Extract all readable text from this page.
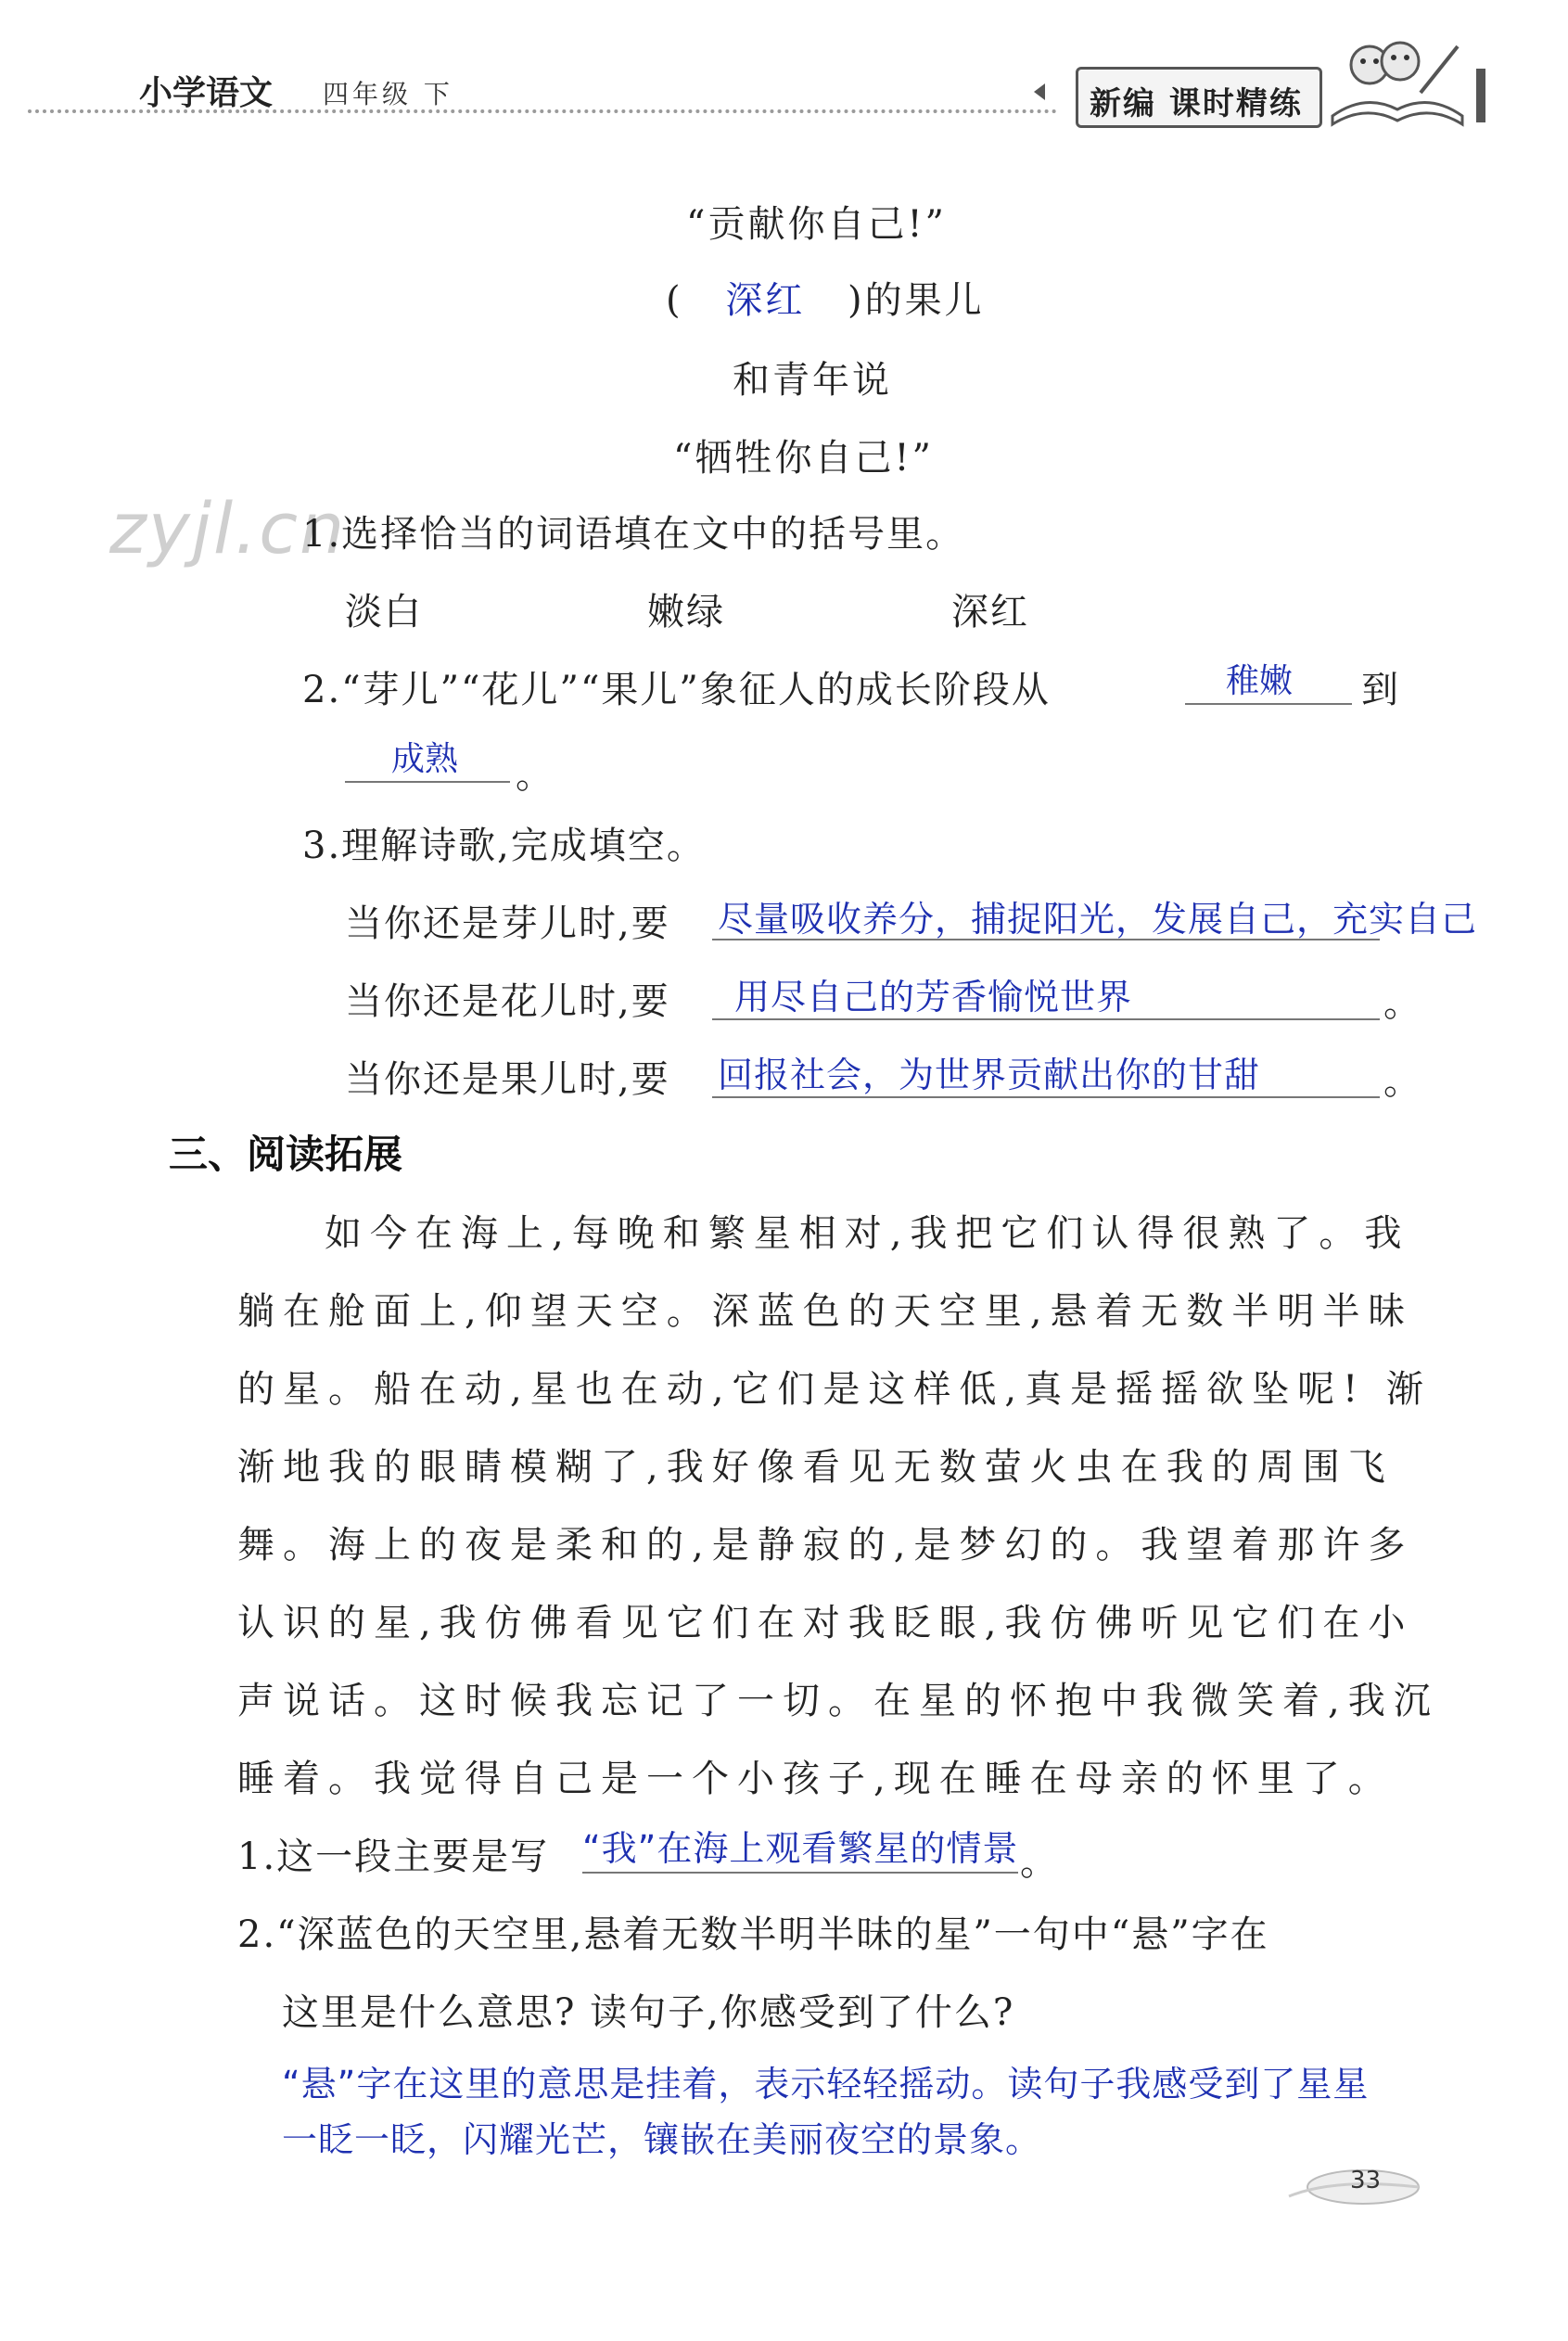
小学语文 四年级 下	新编 课时精练
zyjl.cn
“贡献你自己!”
( 深红 )的果儿
和青年说
“牺牲你自己!”
1.选择恰当的词语填在文中的括号里。
淡白	嫩绿	深红
2.“芽儿”“花儿”“果儿”象征人的成长阶段从	稚嫩 到
成熟 。
3.理解诗歌,完成填空。
当你还是芽儿时,要 尽量吸收养分，捕捉阳光，发展自己，充实自己
当你还是花儿时,要 用尽自己的芳香愉悦世界	。
当你还是果儿时,要 回报社会，为世界贡献出你的甘甜	。
三、阅读拓展
如今在海上,每晚和繁星相对,我把它们认得很熟了。我
躺在舱面上,仰望天空。深蓝色的天空里,悬着无数半明半昧
的星。船在动,星也在动,它们是这样低,真是摇摇欲坠呢! 渐
渐地我的眼睛模糊了,我好像看见无数萤火虫在我的周围飞
舞。海上的夜是柔和的,是静寂的,是梦幻的。我望着那许多
认识的星,我仿佛看见它们在对我眨眼,我仿佛听见它们在小
声说话。这时候我忘记了一切。在星的怀抱中我微笑着,我沉
睡着。我觉得自己是一个小孩子,现在睡在母亲的怀里了。
1.这一段主要是写 “我”在海上观看繁星的情景 。
2.“深蓝色的天空里,悬着无数半明半昧的星”一句中“悬”字在
这里是什么意思? 读句子,你感受到了什么?
“悬”字在这里的意思是挂着，表示轻轻摇动。读句子我感受到了星星
一眨一眨，闪耀光芒，镶嵌在美丽夜空的景象。
33
